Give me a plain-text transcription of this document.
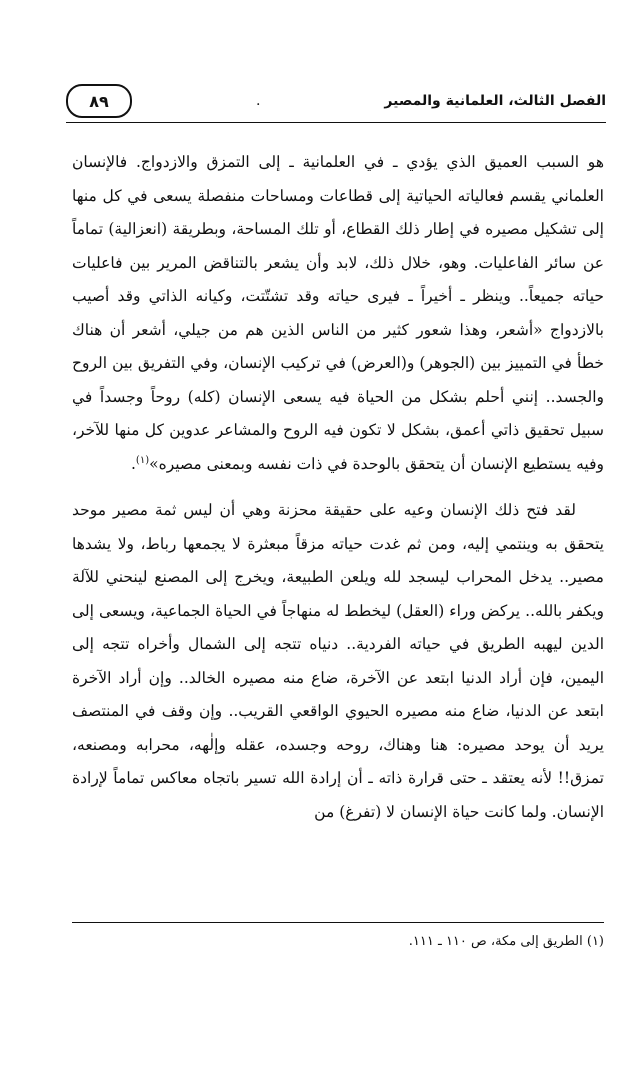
الفصل الثالث، العلمانية والمصير
.
٨٩

هو السبب العميق الذي يؤدي ـ في العلمانية ـ إلى التمزق والازدواج. فالإنسان العلماني يقسم فعالياته الحياتية إلى قطاعات ومساحات منفصلة يسعى في كل منها إلى تشكيل مصيره في إطار ذلك القطاع، أو تلك المساحة، وبطريقة (انعزالية) تماماً عن سائر الفاعليات. وهو، خلال ذلك، لابد وأن يشعر بالتناقض المرير بين فاعليات حياته جميعاً.. وينظر ـ أخيراً ـ فيرى حياته وقد تشتّتت، وكيانه الذاتي وقد أصيب بالازدواج «أشعر، وهذا شعور كثير من الناس الذين هم من جيلي، أشعر أن هناك خطأ في التمييز بين (الجوهر) و(العرض) في تركيب الإنسان، وفي التفريق بين الروح والجسد.. إنني أحلم بشكل من الحياة فيه يسعى الإنسان (كله) روحاً وجسداً في سبيل تحقيق ذاتي أعمق، بشكل لا تكون فيه الروح والمشاعر عدوين كل منها للآخر، وفيه يستطيع الإنسان أن يتحقق بالوحدة في ذات نفسه وبمعنى مصيره»$^{(١)}$.

لقد فتح ذلك الإنسان وعيه على حقيقة محزنة وهي أن ليس ثمة مصير موحد يتحقق به وينتمي إليه، ومن ثم غدت حياته مزقاً مبعثرة لا يجمعها رباط، ولا يشدها مصير.. يدخل المحراب ليسجد لله ويلعن الطبيعة، ويخرج إلى المصنع لينحني للآلة ويكفر بالله.. يركض وراء (العقل) ليخطط له منهاجاً في الحياة الجماعية، ويسعى إلى الدين ليهبه الطريق في حياته الفردية.. دنياه تتجه إلى الشمال وأخراه تتجه إلى اليمين، فإن أراد الدنيا ابتعد عن الآخرة، ضاع منه مصيره الخالد.. وإن أراد الآخرة ابتعد عن الدنيا، ضاع منه مصيره الحيوي الواقعي القريب.. وإن وقف في المنتصف يريد أن يوحد مصيره: هنا وهناك، روحه وجسده، عقله وإلٰهه، محرابه ومصنعه، تمزق!! لأنه يعتقد ـ حتى قرارة ذاته ـ أن إرادة الله تسير باتجاه معاكس تماماً لإرادة الإنسان. ولما كانت حياة الإنسان لا (تفرغ) من

(١) الطريق إلى مكة، ص ١١٠ ـ ١١١.
